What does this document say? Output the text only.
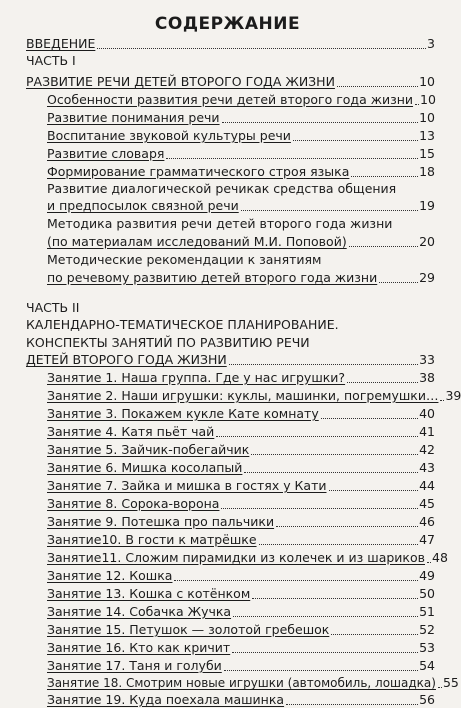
СОДЕРЖАНИЕ
ВВЕДЕНИЕ	3
ЧАСТЬ I
РАЗВИТИЕ РЕЧИ ДЕТЕЙ ВТОРОГО ГОДА ЖИЗНИ	10
Особенности развития речи детей второго года жизни 10
Развитие понимания речи	10
Воспитание звуковой культуры речи	13
Развитие словаря	15
Формирование грамматического строя языка	18
Развитие диалогической речикак средства общения
и предпосылок связной речи	19
Методика развития речи детей второго года жизни
(по материалам исследований М.И. Поповой)	20
Методические рекомендации к занятиям
по речевому развитию детей второго года жизни	29
ЧАСТЬ II
КАЛЕНДАРНО-ТЕМАТИЧЕСКОЕ ПЛАНИРОВАНИЕ.
КОНСПЕКТЫ ЗАНЯТИЙ ПО РАЗВИТИЮ РЕЧИ
ДЕТЕЙ ВТОРОГО ГОДА ЖИЗНИ	33
Занятие 1. Наша группа. Где у нас игрушки?	38
Занятие 2. Наши игрушки: куклы, машинки, погремушки… 39
Занятие 3. Покажем кукле Кате комнату	40
Занятие 4. Катя пьёт чай	41
Занятие 5. Зайчик-побегайчик	42
Занятие 6. Мишка косолапый	43
Занятие 7. Зайка и мишка в гостях у Кати	44
Занятие 8. Сорока-ворона	45
Занятие 9. Потешка про пальчики	46
Занятие10. В гости к матрёшке	47
Занятие11. Сложим пирамидки из колечек и из шариков 48
Занятие 12. Кошка	49
Занятие 13. Кошка с котёнком	50
Занятие 14. Собачка Жучка	51
Занятие 15. Петушок — золотой гребешок	52
Занятие 16. Кто как кричит	53
Занятие 17. Таня и голуби	54
Занятие 18. Смотрим новые игрушки (автомобиль, лошадка) 55
Занятие 19. Куда поехала машинка	56
